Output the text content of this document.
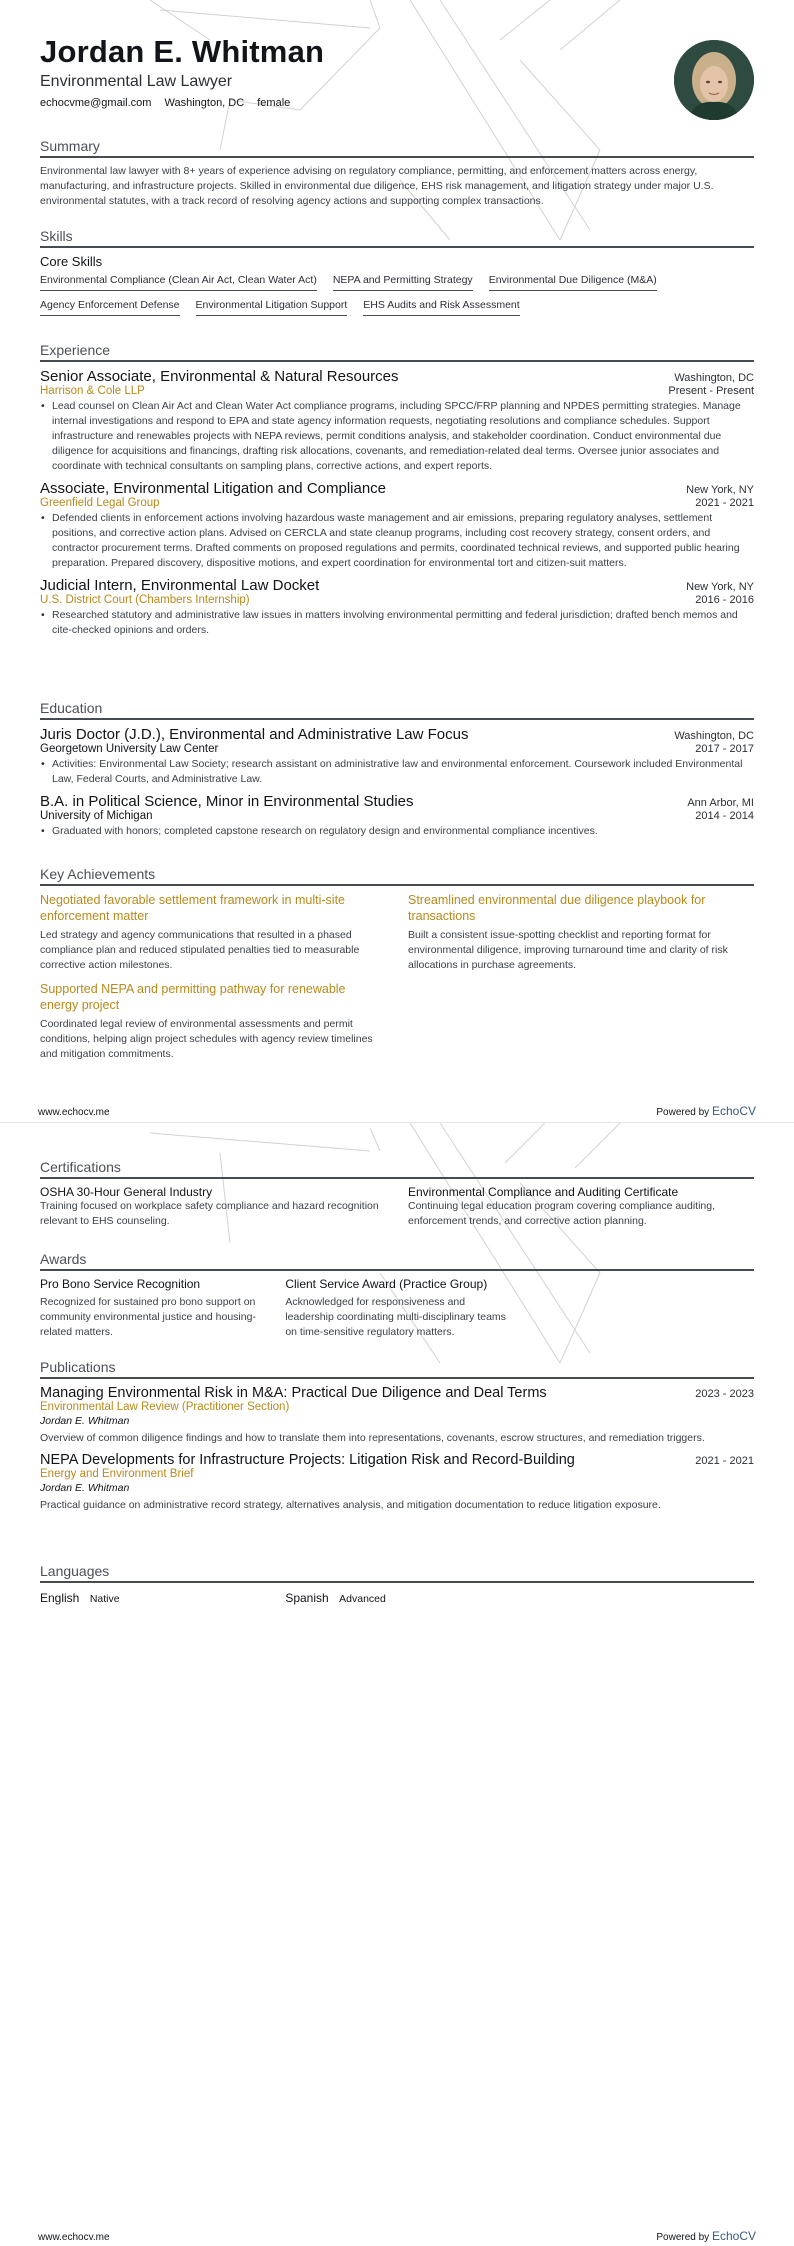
Jordan E. Whitman
Environmental Law Lawyer
echocvme@gmail.com Washington, DC female
Summary
Environmental law lawyer with 8+ years of experience advising on regulatory compliance, permitting, and enforcement matters across energy, manufacturing, and infrastructure projects. Skilled in environmental due diligence, EHS risk management, and litigation strategy under major U.S. environmental statutes, with a track record of resolving agency actions and supporting complex transactions.
Skills
Core Skills
Environmental Compliance (Clean Air Act, Clean Water Act) NEPA and Permitting Strategy Environmental Due Diligence (M&A)
Agency Enforcement Defense Environmental Litigation Support EHS Audits and Risk Assessment
Experience
Senior Associate, Environmental & Natural Resources	Washington, DC
Harrison & Cole LLP	Present - Present
• Lead counsel on Clean Air Act and Clean Water Act compliance programs, including SPCC/FRP planning and NPDES permitting strategies. Manage internal investigations and respond to EPA and state agency information requests, negotiating resolutions and compliance schedules. Support infrastructure and renewables projects with NEPA reviews, permit conditions analysis, and stakeholder coordination. Conduct environmental due diligence for acquisitions and financings, drafting risk allocations, covenants, and remediation-related deal terms. Oversee junior associates and coordinate with technical consultants on sampling plans, corrective actions, and expert reports.
Associate, Environmental Litigation and Compliance	New York, NY
Greenfield Legal Group	2021 - 2021
• Defended clients in enforcement actions involving hazardous waste management and air emissions, preparing regulatory analyses, settlement positions, and corrective action plans. Advised on CERCLA and state cleanup programs, including cost recovery strategy, consent orders, and contractor procurement terms. Drafted comments on proposed regulations and permits, coordinated technical reviews, and supported public hearing preparation. Prepared discovery, dispositive motions, and expert coordination for environmental tort and citizen-suit matters.
Judicial Intern, Environmental Law Docket	New York, NY
U.S. District Court (Chambers Internship)	2016 - 2016
• Researched statutory and administrative law issues in matters involving environmental permitting and federal jurisdiction; drafted bench memos and cite-checked opinions and orders.
Education
Juris Doctor (J.D.), Environmental and Administrative Law Focus	Washington, DC
Georgetown University Law Center	2017 - 2017
• Activities: Environmental Law Society; research assistant on administrative law and environmental enforcement. Coursework included Environmental Law, Federal Courts, and Administrative Law.
B.A. in Political Science, Minor in Environmental Studies	Ann Arbor, MI
University of Michigan	2014 - 2014
• Graduated with honors; completed capstone research on regulatory design and environmental compliance incentives.
Key Achievements
Negotiated favorable settlement framework in multi-site enforcement matter
Led strategy and agency communications that resulted in a phased compliance plan and reduced stipulated penalties tied to measurable corrective action milestones.
Streamlined environmental due diligence playbook for transactions
Built a consistent issue-spotting checklist and reporting format for environmental diligence, improving turnaround time and clarity of risk allocations in purchase agreements.
Supported NEPA and permitting pathway for renewable energy project
Coordinated legal review of environmental assessments and permit conditions, helping align project schedules with agency review timelines and mitigation commitments.
www.echocv.me	Powered by EchoCV
Certifications
OSHA 30-Hour General Industry
Training focused on workplace safety compliance and hazard recognition relevant to EHS counseling.
Environmental Compliance and Auditing Certificate
Continuing legal education program covering compliance auditing, enforcement trends, and corrective action planning.
Awards
Pro Bono Service Recognition
Recognized for sustained pro bono support on community environmental justice and housing-related matters.
Client Service Award (Practice Group)
Acknowledged for responsiveness and leadership coordinating multi-disciplinary teams on time-sensitive regulatory matters.
Publications
Managing Environmental Risk in M&A: Practical Due Diligence and Deal Terms	2023 - 2023
Environmental Law Review (Practitioner Section)
Jordan E. Whitman
Overview of common diligence findings and how to translate them into representations, covenants, escrow structures, and remediation triggers.
NEPA Developments for Infrastructure Projects: Litigation Risk and Record-Building	2021 - 2021
Energy and Environment Brief
Jordan E. Whitman
Practical guidance on administrative record strategy, alternatives analysis, and mitigation documentation to reduce litigation exposure.
Languages
English Native	Spanish Advanced
www.echocv.me	Powered by EchoCV
